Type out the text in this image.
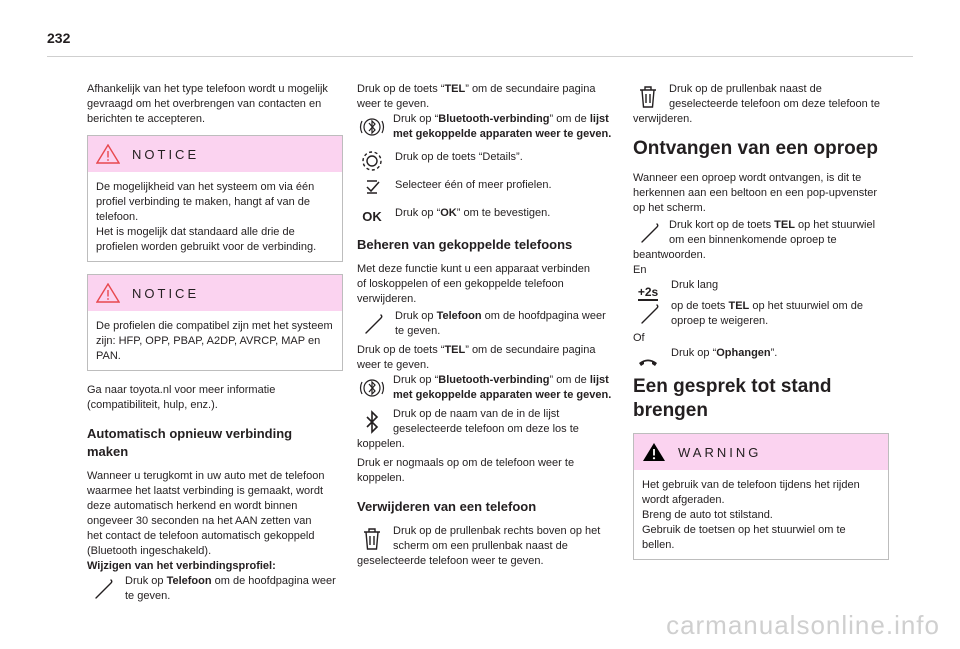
232

Afhankelijk van het type telefoon wordt u mogelijk
gevraagd om het overbrengen van contacten en
berichten te accepteren.

NOTICE
De mogelijkheid van het systeem om via één
profiel verbinding te maken, hangt af van de
telefoon.
Het is mogelijk dat standaard alle drie de
profielen worden gebruikt voor de verbinding.
NOTICE
De profielen die compatibel zijn met het systeem
zijn: HFP, OPP, PBAP, A2DP, AVRCP, MAP en
PAN.

Ga naar toyota.nl voor meer informatie
(compatibiliteit, hulp, enz.).

Automatisch opnieuw verbinding
maken

Wanneer u terugkomt in uw auto met de telefoon
waarmee het laatst verbinding is gemaakt, wordt
deze automatisch herkend en wordt binnen
ongeveer 30 seconden na het AAN zetten van
het contact de telefoon automatisch gekoppeld
(Bluetooth ingeschakeld).

Wijzigen van het verbindingsprofiel:
Druk op Telefoon om de hoofdpagina weer
te geven.
Druk op de toets “TEL” om de secundaire pagina
weer te geven.
Druk op “Bluetooth-verbinding” om de lijst met gekoppelde apparaten weer te geven.
Druk op de toets “Details”.
Selecteer één of meer profielen.
OK	Druk op “OK” om te bevestigen.
Beheren van gekoppelde telefoons

Met deze functie kunt u een apparaat verbinden
of loskoppelen of een gekoppelde telefoon
verwijderen.

Druk op Telefoon om de hoofdpagina weer
te geven.
Druk op de toets “TEL” om de secundaire pagina
weer te geven.
Druk op “Bluetooth-verbinding” om de lijst met gekoppelde apparaten weer te geven.
Druk op de naam van de in de lijst geselecteerde telefoon om deze los te koppelen.
Druk er nogmaals op om de telefoon weer te
koppelen.
Verwijderen van een telefoon
Druk op de prullenbak rechts boven op het scherm om een prullenbak naast de geselecteerde telefoon weer te geven.
Druk op de prullenbak naast de geselecteerde telefoon om deze telefoon te verwijderen.
Ontvangen van een oproep

Wanneer een oproep wordt ontvangen, is dit te
herkennen aan een beltoon en een pop-upvenster
op het scherm.

Druk kort op de toets TEL op het stuurwiel om een binnenkomende oproep te beantwoorden.
En
+2s Druk lang
op de toets TEL op het stuurwiel om de
oproep te weigeren.
Of
Druk op “Ophangen”.
Een gesprek tot stand
brengen
WARNING
Het gebruik van de telefoon tijdens het rijden
wordt afgeraden.
Breng de auto tot stilstand.
Gebruik de toetsen op het stuurwiel om te
bellen.
carmanualsonline.info
